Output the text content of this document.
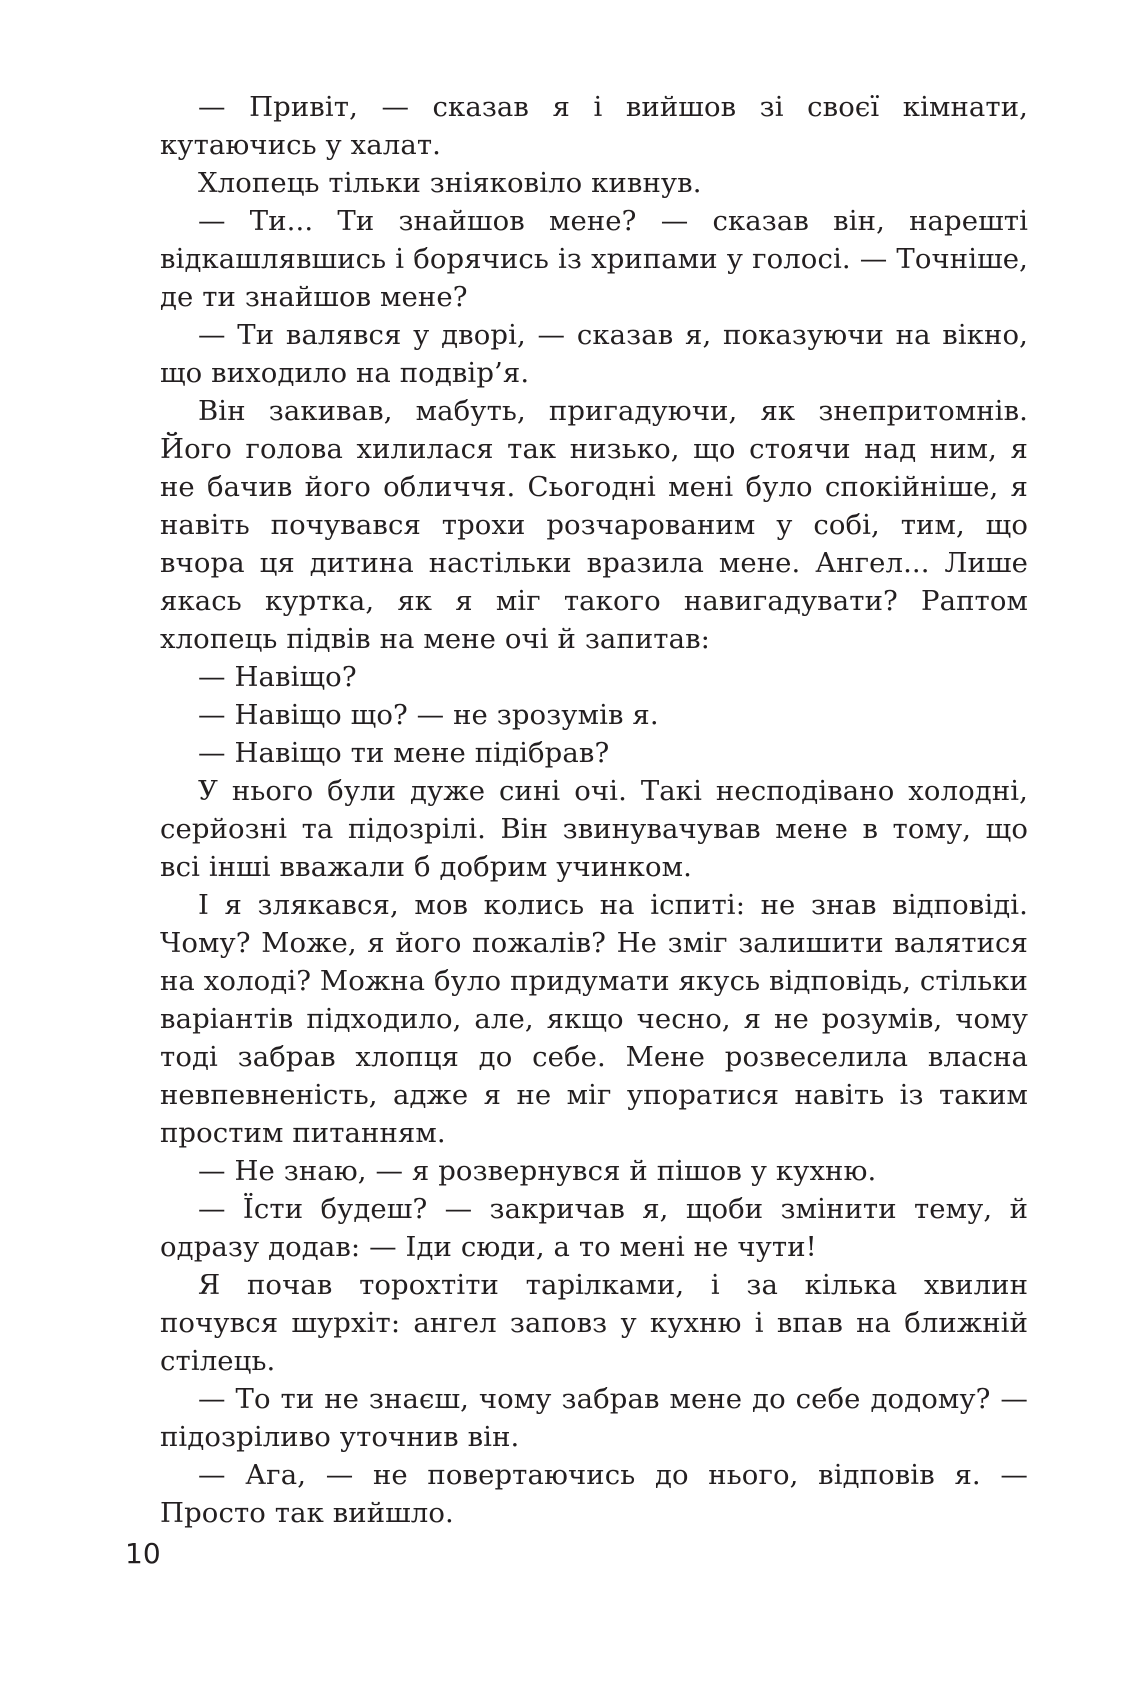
— Привіт, — сказав я і вийшов зі своєї кімнати, кутаючись у халат.

Хлопець тільки зніяковіло кивнув.

— Ти... Ти знайшов мене? — сказав він, нарешті відкашлявшись і борячись із хрипами у голосі. — Точніше, де ти знайшов мене?

— Ти валявся у дворі, — сказав я, показуючи на вікно, що виходило на подвір’я.

Він закивав, мабуть, пригадуючи, як знепритомнів. Його голова хилилася так низько, що стоячи над ним, я не бачив його обличчя. Сьогодні мені було спокійніше, я навіть почувався трохи розчарованим у собі, тим, що вчора ця дитина настільки вразила мене. Ангел... Лише якась куртка, як я міг такого навигадувати? Раптом хлопець підвів на мене очі й запитав:

— Навіщо?

— Навіщо що? — не зрозумів я.

— Навіщо ти мене підібрав?

У нього були дуже сині очі. Такі несподівано холодні, серйозні та підозрілі. Він звинувачував мене в тому, що всі інші вважали б добрим учинком.

І я злякався, мов колись на іспиті: не знав відповіді. Чому? Може, я його пожалів? Не зміг залишити валятися на холоді? Можна було придумати якусь відповідь, стільки варіантів підходило, але, якщо чесно, я не розумів, чому тоді забрав хлопця до себе. Мене розвеселила власна невпевненість, адже я не міг упоратися навіть із таким простим питанням.

— Не знаю, — я розвернувся й пішов у кухню.

— Їсти будеш? — закричав я, щоби змінити тему, й одразу додав: — Іди сюди, а то мені не чути!

Я почав торохтіти тарілками, і за кілька хвилин почувся шурхіт: ангел заповз у кухню і впав на ближній стілець.

— То ти не знаєш, чому забрав мене до себе додому? — підозріливо уточнив він.

— Ага, — не повертаючись до нього, відповів я. — Просто так вийшло.

10
